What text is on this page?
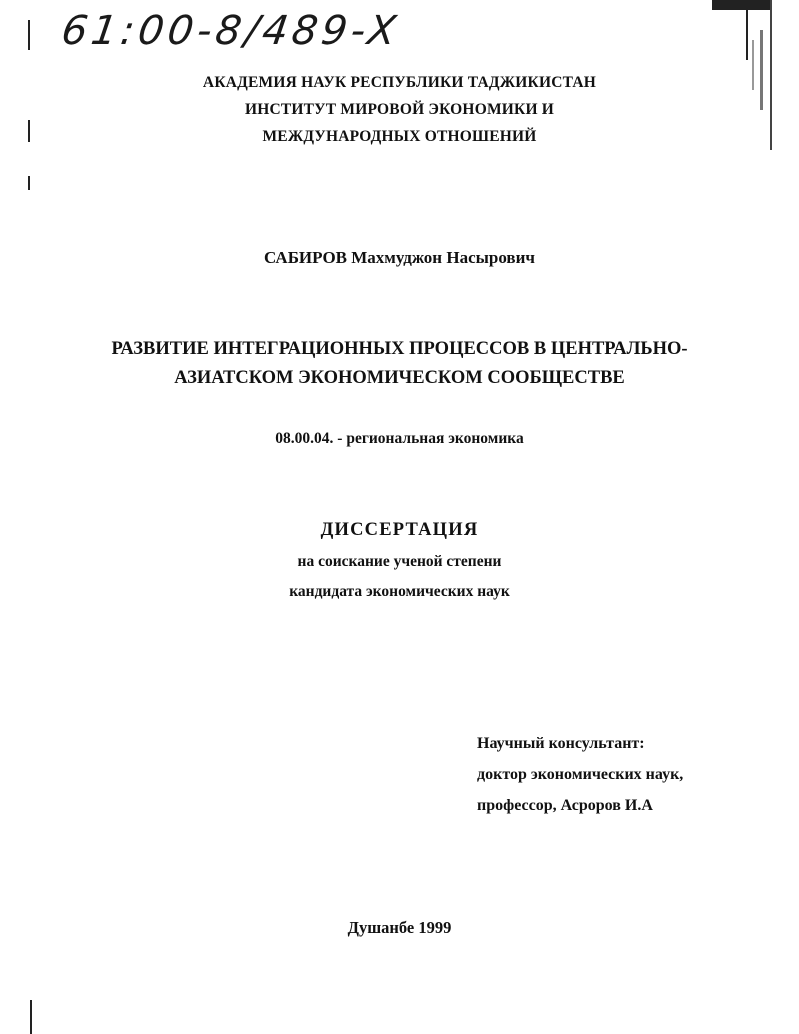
61:00-8/489-X
АКАДЕМИЯ НАУК РЕСПУБЛИКИ ТАДЖИКИСТАН
ИНСТИТУТ МИРОВОЙ ЭКОНОМИКИ И
МЕЖДУНАРОДНЫХ ОТНОШЕНИЙ
САБИРОВ Махмуджон Насырович
РАЗВИТИЕ ИНТЕГРАЦИОННЫХ ПРОЦЕССОВ В ЦЕНТРАЛЬНО-
АЗИАТСКОМ ЭКОНОМИЧЕСКОМ СООБЩЕСТВЕ
08.00.04. - региональная экономика
ДИССЕРТАЦИЯ
на соискание ученой степени
кандидата экономических наук
Научный консультант:
доктор экономических наук,
профессор, Асроров И.А
Душанбе 1999
